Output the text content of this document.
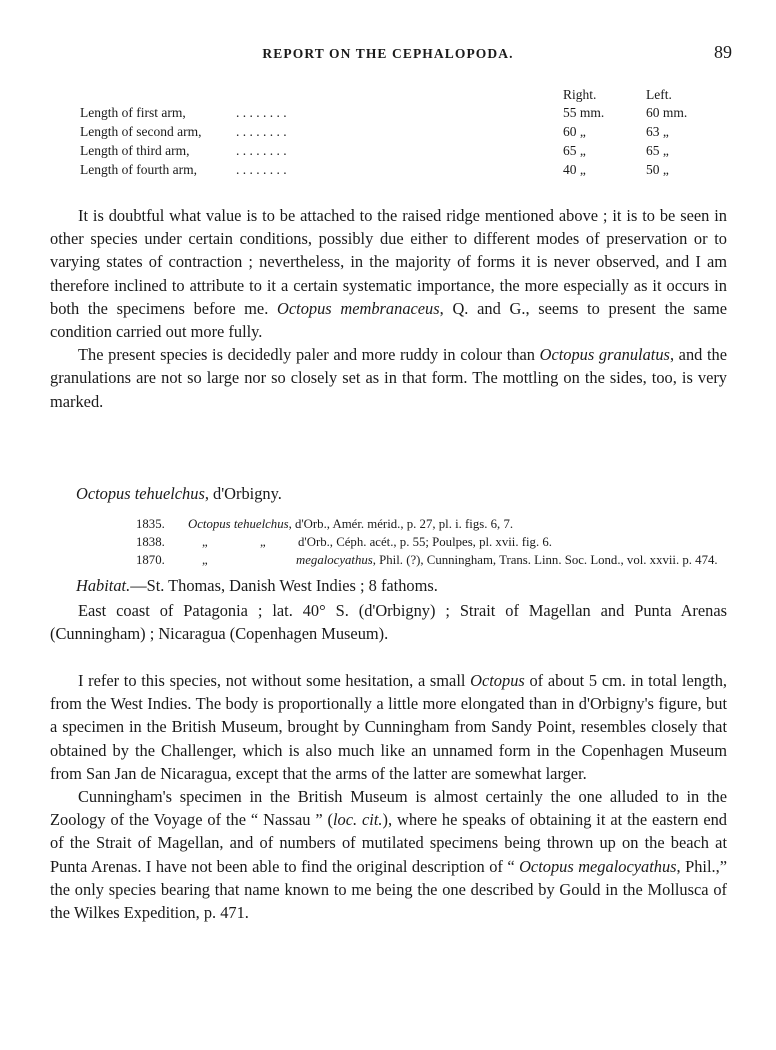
REPORT ON THE CEPHALOPODA.	89
Right.	Left.
Length of first arm,	. . . . . . . .	55 mm.	60 mm.
Length of second arm,	. . . . . . . .	60 „	63 „
Length of third arm,	. . . . . . . .	65 „	65 „
Length of fourth arm,	. . . . . . . .	40 „	50 „

It is doubtful what value is to be attached to the raised ridge mentioned above ; it is to be seen in other species under certain conditions, possibly due either to different modes of preservation or to varying states of contraction ; nevertheless, in the majority of forms it is never observed, and I am therefore inclined to attribute to it a certain systematic importance, the more especially as it occurs in both the specimens before me. Octopus membranaceus, Q. and G., seems to present the same condition carried out more fully.

The present species is decidedly paler and more ruddy in colour than Octopus granulatus, and the granulations are not so large nor so closely set as in that form. The mottling on the sides, too, is very marked.

Octopus tehuelchus, d'Orbigny.
1835. Octopus tehuelchus , d'Orb., Amér. mérid., p. 27, pl. i. figs. 6, 7.
1838.	„	„	d'Orb., Céph. acét., p. 55; Poulpes, pl. xvii. fig. 6.
1870.	„	megalocyathus , Phil. (?), Cunningham, Trans. Linn. Soc. Lond., vol. xxvii. p. 474.
Habitat.—St. Thomas, Danish West Indies ; 8 fathoms.

East coast of Patagonia ; lat. 40° S. (d'Orbigny) ; Strait of Magellan and Punta Arenas (Cunningham) ; Nicaragua (Copenhagen Museum).

I refer to this species, not without some hesitation, a small Octopus of about 5 cm. in total length, from the West Indies. The body is proportionally a little more elongated than in d'Orbigny's figure, but a specimen in the British Museum, brought by Cunningham from Sandy Point, resembles closely that obtained by the Challenger, which is also much like an unnamed form in the Copenhagen Museum from San Jan de Nicaragua, except that the arms of the latter are somewhat larger.

Cunningham's specimen in the British Museum is almost certainly the one alluded to in the Zoology of the Voyage of the “ Nassau ” (loc. cit.), where he speaks of obtaining it at the eastern end of the Strait of Magellan, and of numbers of mutilated specimens being thrown up on the beach at Punta Arenas. I have not been able to find the original description of “ Octopus megalocyathus, Phil.,” the only species bearing that name known to me being the one described by Gould in the Mollusca of the Wilkes Expedition, p. 471.
